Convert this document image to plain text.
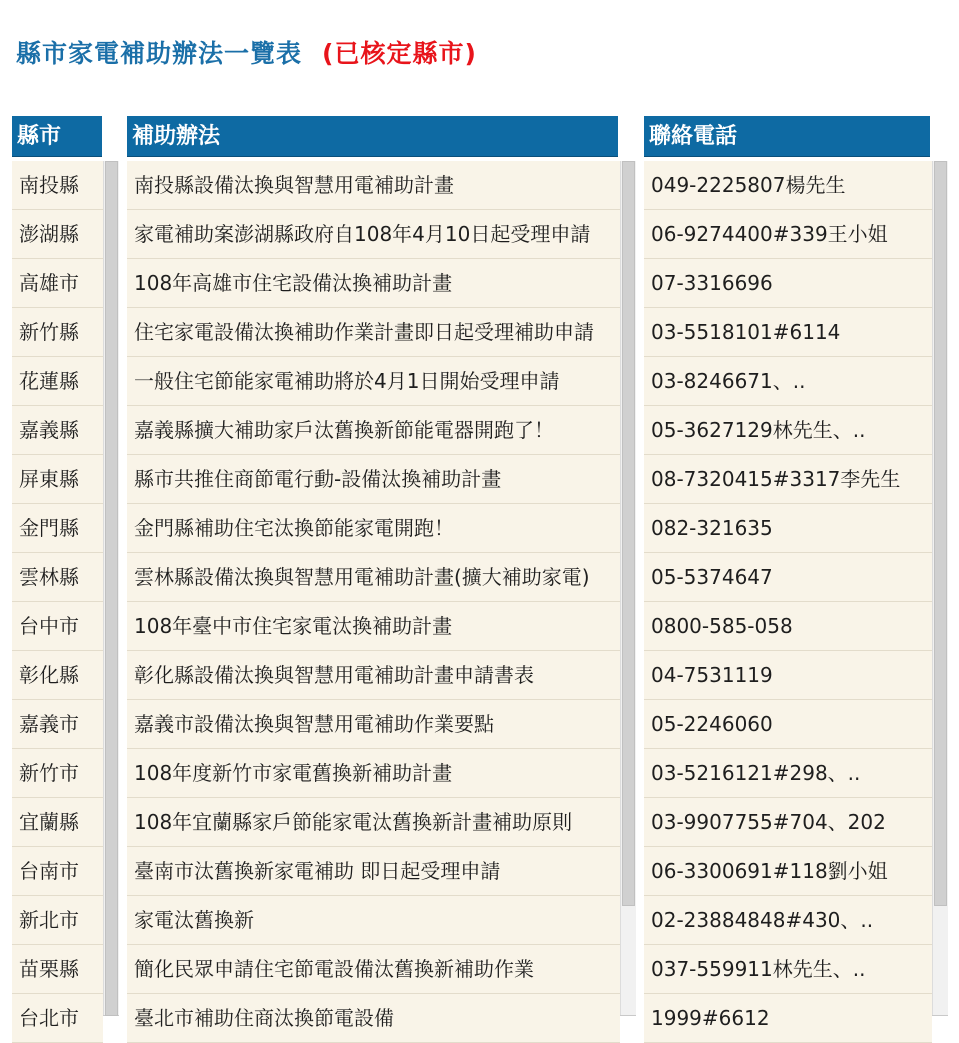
縣市家電補助辦法一覽表 (已核定縣市)
縣市
南投縣
澎湖縣
高雄市
新竹縣
花蓮縣
嘉義縣
屏東縣
金門縣
雲林縣
台中市
彰化縣
嘉義市
新竹市
宜蘭縣
台南市
新北市
苗栗縣
台北市
補助辦法
南投縣設備汰換與智慧用電補助計畫
家電補助案澎湖縣政府自108年4月10日起受理申請
108年高雄市住宅設備汰換補助計畫
住宅家電設備汰換補助作業計畫即日起受理補助申請
一般住宅節能家電補助將於4月1日開始受理申請
嘉義縣擴大補助家戶汰舊換新節能電器開跑了！
縣市共推住商節電行動-設備汰換補助計畫
金門縣補助住宅汰換節能家電開跑！
雲林縣設備汰換與智慧用電補助計畫(擴大補助家電)
108年臺中市住宅家電汰換補助計畫
彰化縣設備汰換與智慧用電補助計畫申請書表
嘉義市設備汰換與智慧用電補助作業要點
108年度新竹市家電舊換新補助計畫
108年宜蘭縣家戶節能家電汰舊換新計畫補助原則
臺南市汰舊換新家電補助 即日起受理申請
家電汰舊換新
簡化民眾申請住宅節電設備汰舊換新補助作業
臺北市補助住商汰換節電設備
聯絡電話
049-2225807楊先生
06-9274400#339王小姐
07-3316696
03-5518101#6114
03-8246671、..
05-3627129林先生、..
08-7320415#3317李先生
082-321635
05-5374647
0800-585-058
04-7531119
05-2246060
03-5216121#298、..
03-9907755#704、202
06-3300691#118劉小姐
02-23884848#430、..
037-559911林先生、..
1999#6612
